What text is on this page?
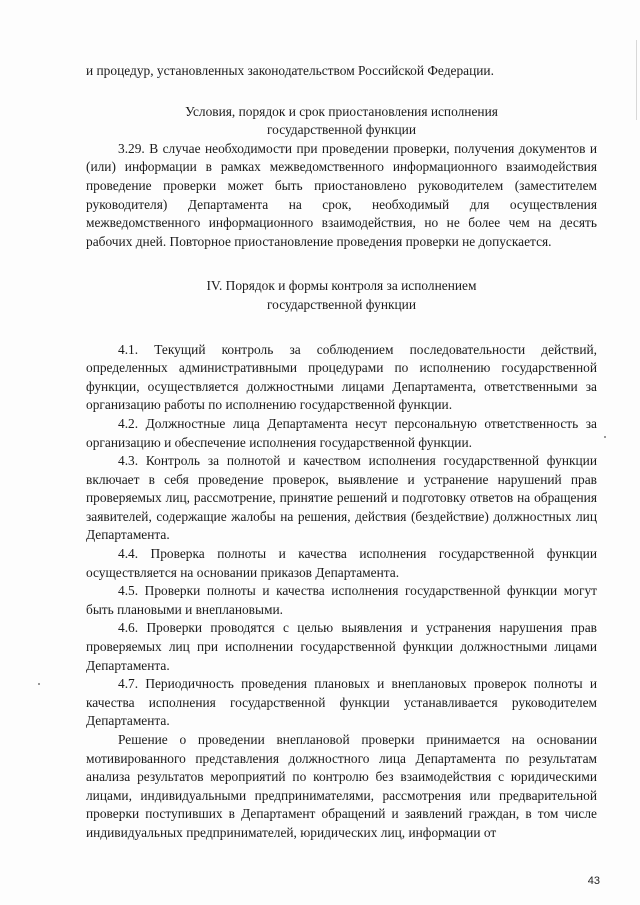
и процедур, установленных законодательством Российской Федерации.

Условия, порядок и срок приостановления исполнения

государственной функции

3.29. В случае необходимости при проведении проверки, получения документов и (или) информации в рамках межведомственного информационного взаимодействия проведение проверки может быть приостановлено руководителем (заместителем руководителя) Департамента на срок, необходимый для осуществления межведомственного информационного взаимодействия, но не более чем на десять рабочих дней. Повторное приостановление проведения проверки не допускается.

IV. Порядок и формы контроля за исполнением

государственной функции

4.1. Текущий контроль за соблюдением последовательности действий, определенных административными процедурами по исполнению государственной функции, осуществляется должностными лицами Департамента, ответственными за организацию работы по исполнению государственной функции.

4.2. Должностные лица Департамента несут персональную ответственность за организацию и обеспечение исполнения государственной функции.

4.3. Контроль за полнотой и качеством исполнения государственной функции включает в себя проведение проверок, выявление и устранение нарушений прав проверяемых лиц, рассмотрение, принятие решений и подготовку ответов на обращения заявителей, содержащие жалобы на решения, действия (бездействие) должностных лиц Департамента.

4.4. Проверка полноты и качества исполнения государственной функции осуществляется на основании приказов Департамента.

4.5. Проверки полноты и качества исполнения государственной функции могут быть плановыми и внеплановыми.

4.6. Проверки проводятся с целью выявления и устранения нарушения прав проверяемых лиц при исполнении государственной функции должностными лицами Департамента.

4.7. Периодичность проведения плановых и внеплановых проверок полноты и качества исполнения государственной функции устанавливается руководителем Департамента.

Решение о проведении внеплановой проверки принимается на основании мотивированного представления должностного лица Департамента по результатам анализа результатов мероприятий по контролю без взаимодействия с юридическими лицами, индивидуальными предпринимателями, рассмотрения или предварительной проверки поступивших в Департамент обращений и заявлений граждан, в том числе индивидуальных предпринимателей, юридических лиц, информации от

43
